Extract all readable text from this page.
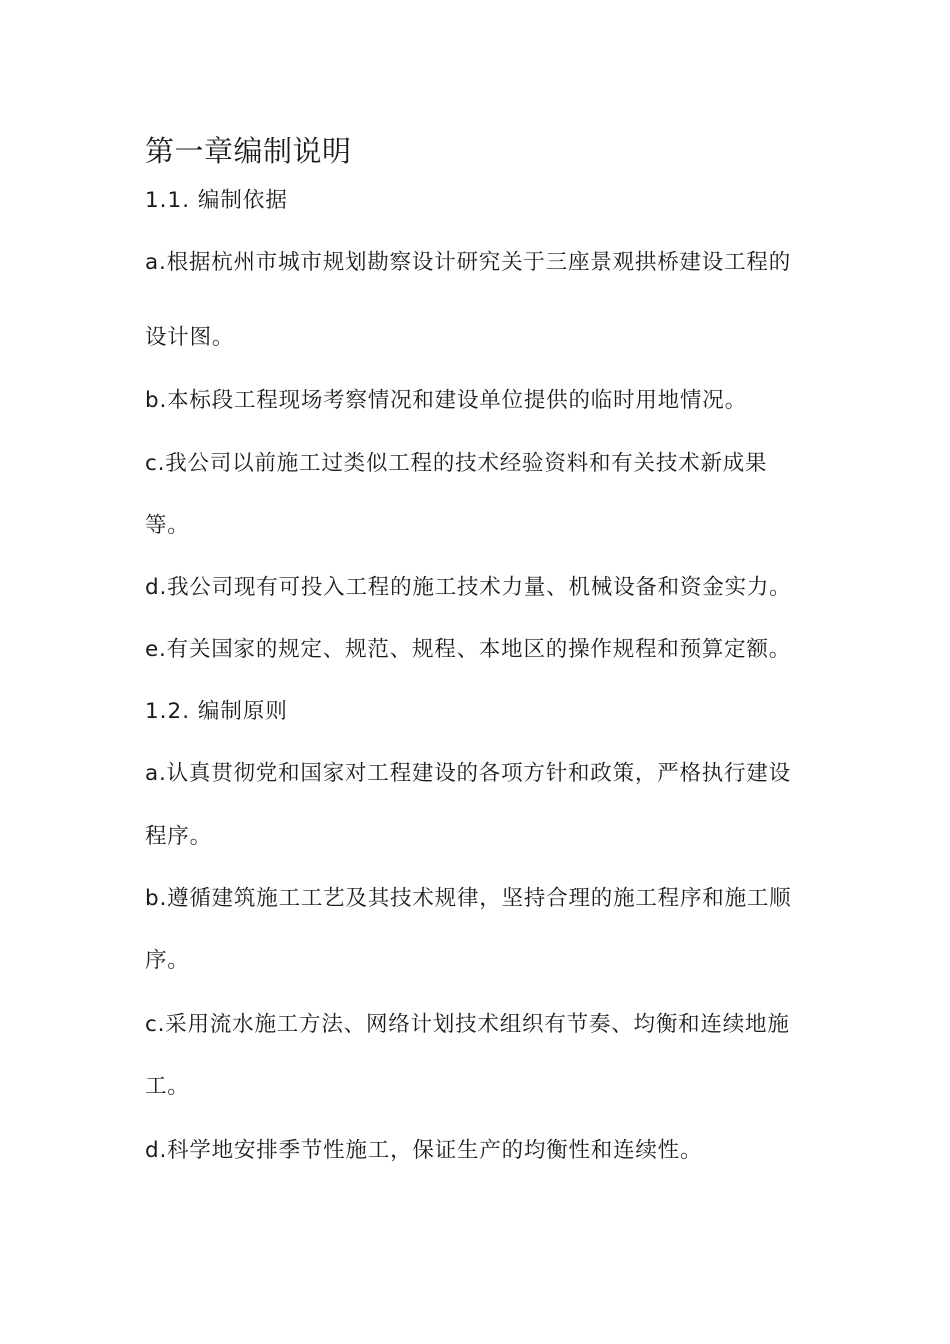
第一章编制说明
1.1. 编制依据
a.根据杭州市城市规划勘察设计研究关于三座景观拱桥建设工程的
设计图。
b.本标段工程现场考察情况和建设单位提供的临时用地情况。
c.我公司以前施工过类似工程的技术经验资料和有关技术新成果
等。
d.我公司现有可投入工程的施工技术力量、机械设备和资金实力。
e.有关国家的规定、规范、规程、本地区的操作规程和预算定额。
1.2. 编制原则
a.认真贯彻党和国家对工程建设的各项方针和政策，严格执行建设
程序。
b.遵循建筑施工工艺及其技术规律，坚持合理的施工程序和施工顺
序。
c.采用流水施工方法、网络计划技术组织有节奏、均衡和连续地施
工。
d.科学地安排季节性施工，保证生产的均衡性和连续性。
